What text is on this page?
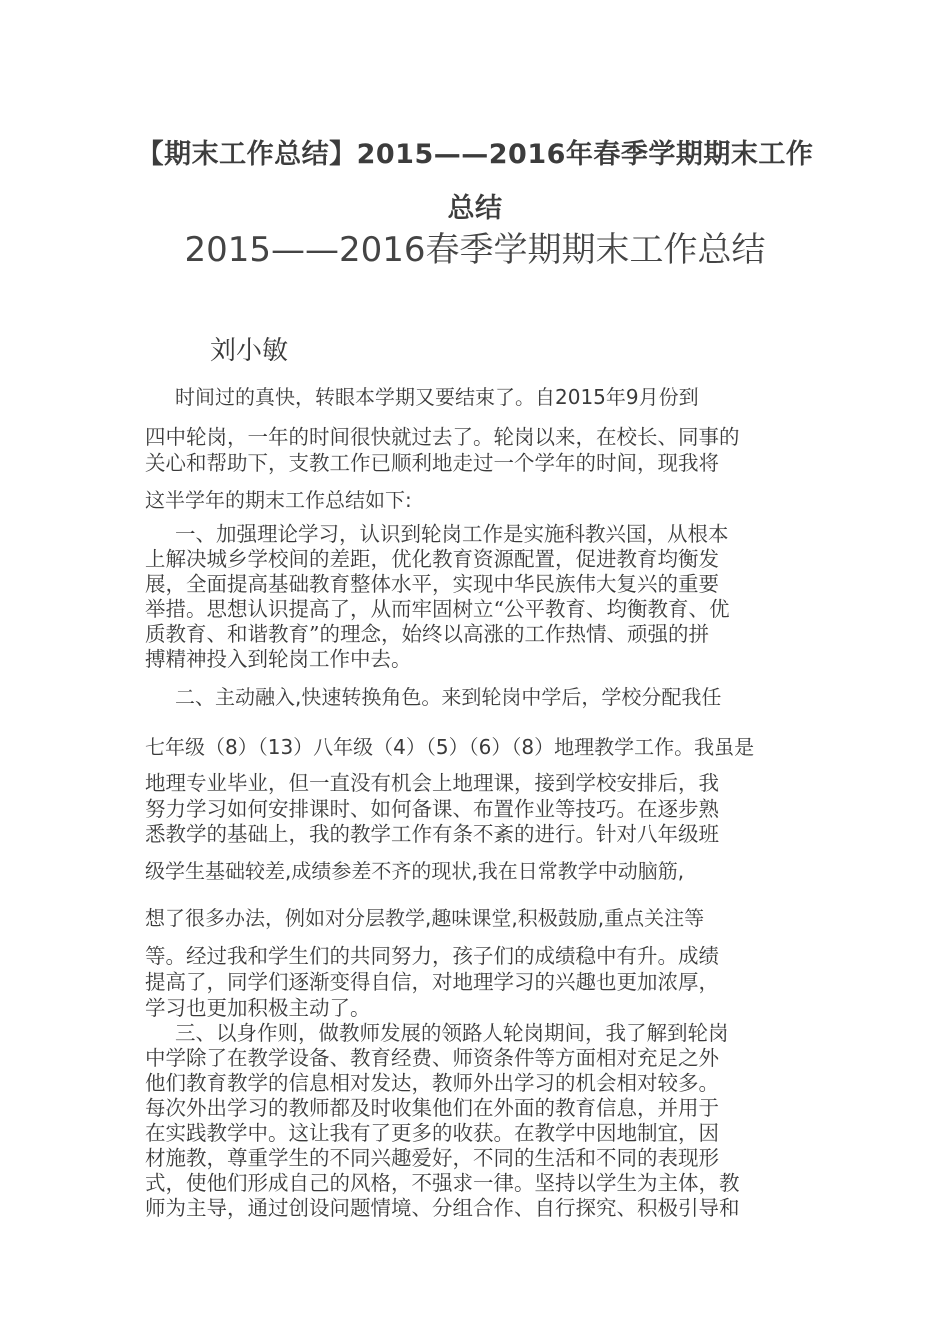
【期末工作总结】2015——2016年春季学期期末工作总结
2015——2016春季学期期末工作总结
刘小敏
时间过的真快，转眼本学期又要结束了。自2015年9月份到
四中轮岗，一年的时间很快就过去了。轮岗以来，在校长、同事的
关心和帮助下，支教工作已顺利地走过一个学年的时间，现我将
这半学年的期末工作总结如下:
一、加强理论学习，认识到轮岗工作是实施科教兴国，从根本
上解决城乡学校间的差距，优化教育资源配置，促进教育均衡发
展，全面提高基础教育整体水平，实现中华民族伟大复兴的重要
举措。思想认识提高了，从而牢固树立“公平教育、均衡教育、优
质教育、和谐教育”的理念，始终以高涨的工作热情、顽强的拼
搏精神投入到轮岗工作中去。
二、主动融入,快速转换角色。来到轮岗中学后，学校分配我任
七年级（8）（13）八年级（4）（5）（6）（8）地理教学工作。我虽是
地理专业毕业，但一直没有机会上地理课，接到学校安排后，我
努力学习如何安排课时、如何备课、布置作业等技巧。在逐步熟
悉教学的基础上，我的教学工作有条不紊的进行。针对八年级班
级学生基础较差,成绩参差不齐的现状,我在日常教学中动脑筋,
想了很多办法，例如对分层教学,趣味课堂,积极鼓励,重点关注等
等。经过我和学生们的共同努力，孩子们的成绩稳中有升。成绩
提高了，同学们逐渐变得自信，对地理学习的兴趣也更加浓厚，
学习也更加积极主动了。
三、以身作则，做教师发展的领路人轮岗期间，我了解到轮岗
中学除了在教学设备、教育经费、师资条件等方面相对充足之外
他们教育教学的信息相对发达，教师外出学习的机会相对较多。
每次外出学习的教师都及时收集他们在外面的教育信息，并用于
在实践教学中。这让我有了更多的收获。在教学中因地制宜，因
材施教，尊重学生的不同兴趣爱好，不同的生活和不同的表现形
式，使他们形成自己的风格，不强求一律。坚持以学生为主体，教
师为主导，通过创设问题情境、分组合作、自行探究、积极引导和
